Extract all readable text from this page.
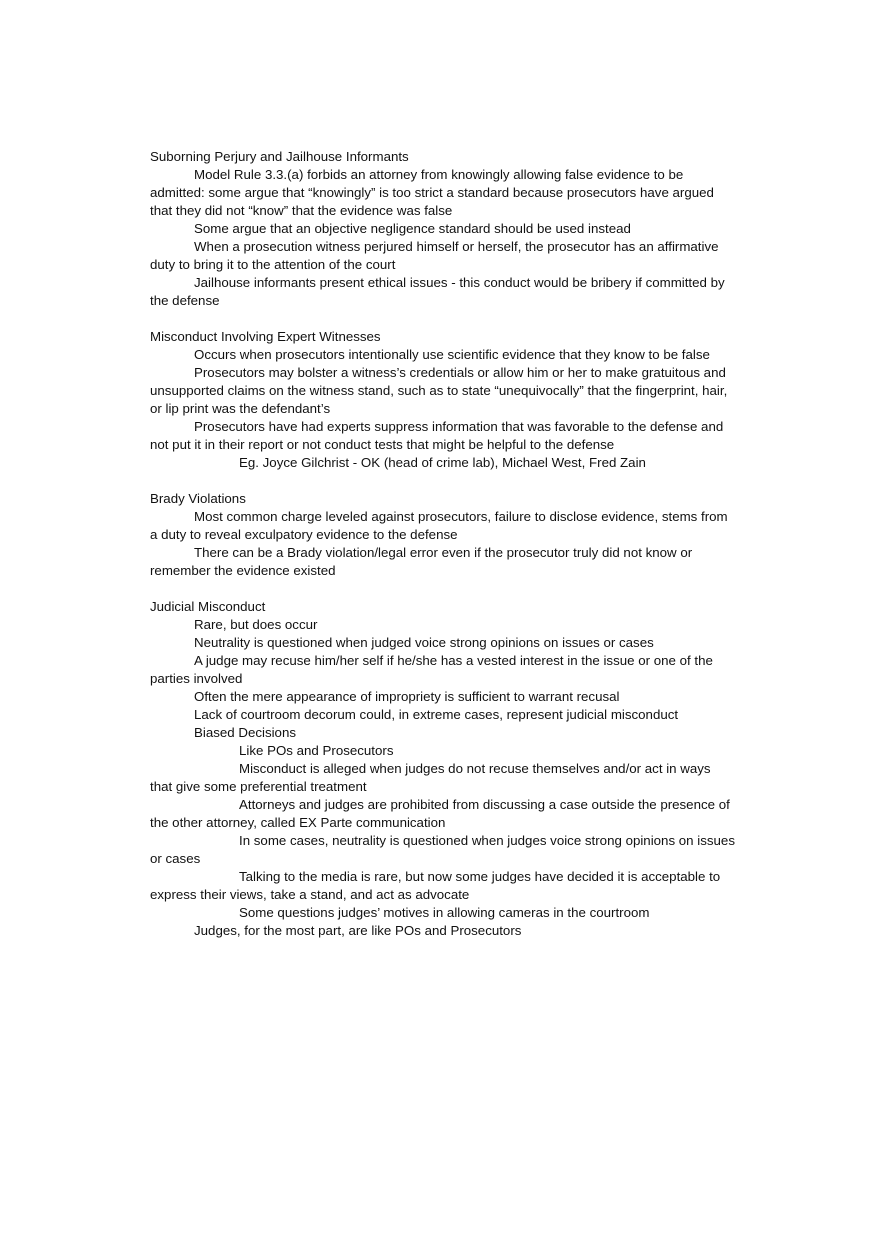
Suborning Perjury and Jailhouse Informants

Model Rule 3.3.(a) forbids an attorney from knowingly allowing false evidence to be admitted: some argue that “knowingly” is too strict a standard because prosecutors have argued that they did not “know” that the evidence was false

Some argue that an objective negligence standard should be used instead

When a prosecution witness perjured himself or herself, the prosecutor has an affirmative duty to bring it to the attention of the court

Jailhouse informants present ethical issues - this conduct would be bribery if committed by the defense

Misconduct Involving Expert Witnesses

Occurs when prosecutors intentionally use scientific evidence that they know to be false

Prosecutors may bolster a witness’s credentials or allow him or her to make gratuitous and unsupported claims on the witness stand, such as to state “unequivocally” that the fingerprint, hair, or lip print was the defendant’s

Prosecutors have had experts suppress information that was favorable to the defense and not put it in their report or not conduct tests that might be helpful to the defense

Eg. Joyce Gilchrist - OK (head of crime lab), Michael West, Fred Zain

Brady Violations

Most common charge leveled against prosecutors, failure to disclose evidence, stems from a duty to reveal exculpatory evidence to the defense

There can be a Brady violation/legal error even if the prosecutor truly did not know or remember the evidence existed

Judicial Misconduct

Rare, but does occur

Neutrality is questioned when judged voice strong opinions on issues or cases

A judge may recuse him/her self if he/she has a vested interest in the issue or one of the parties involved

Often the mere appearance of impropriety is sufficient to warrant recusal

Lack of courtroom decorum could, in extreme cases, represent judicial misconduct

Biased Decisions

Like POs and Prosecutors

Misconduct is alleged when judges do not recuse themselves and/or act in ways that give some preferential treatment

Attorneys and judges are prohibited from discussing a case outside the presence of the other attorney, called EX Parte communication

In some cases, neutrality is questioned when judges voice strong opinions on issues or cases

Talking to the media is rare, but now some judges have decided it is acceptable to express their views, take a stand, and act as advocate

Some questions judges’ motives in allowing cameras in the courtroom

Judges, for the most part, are like POs and Prosecutors
